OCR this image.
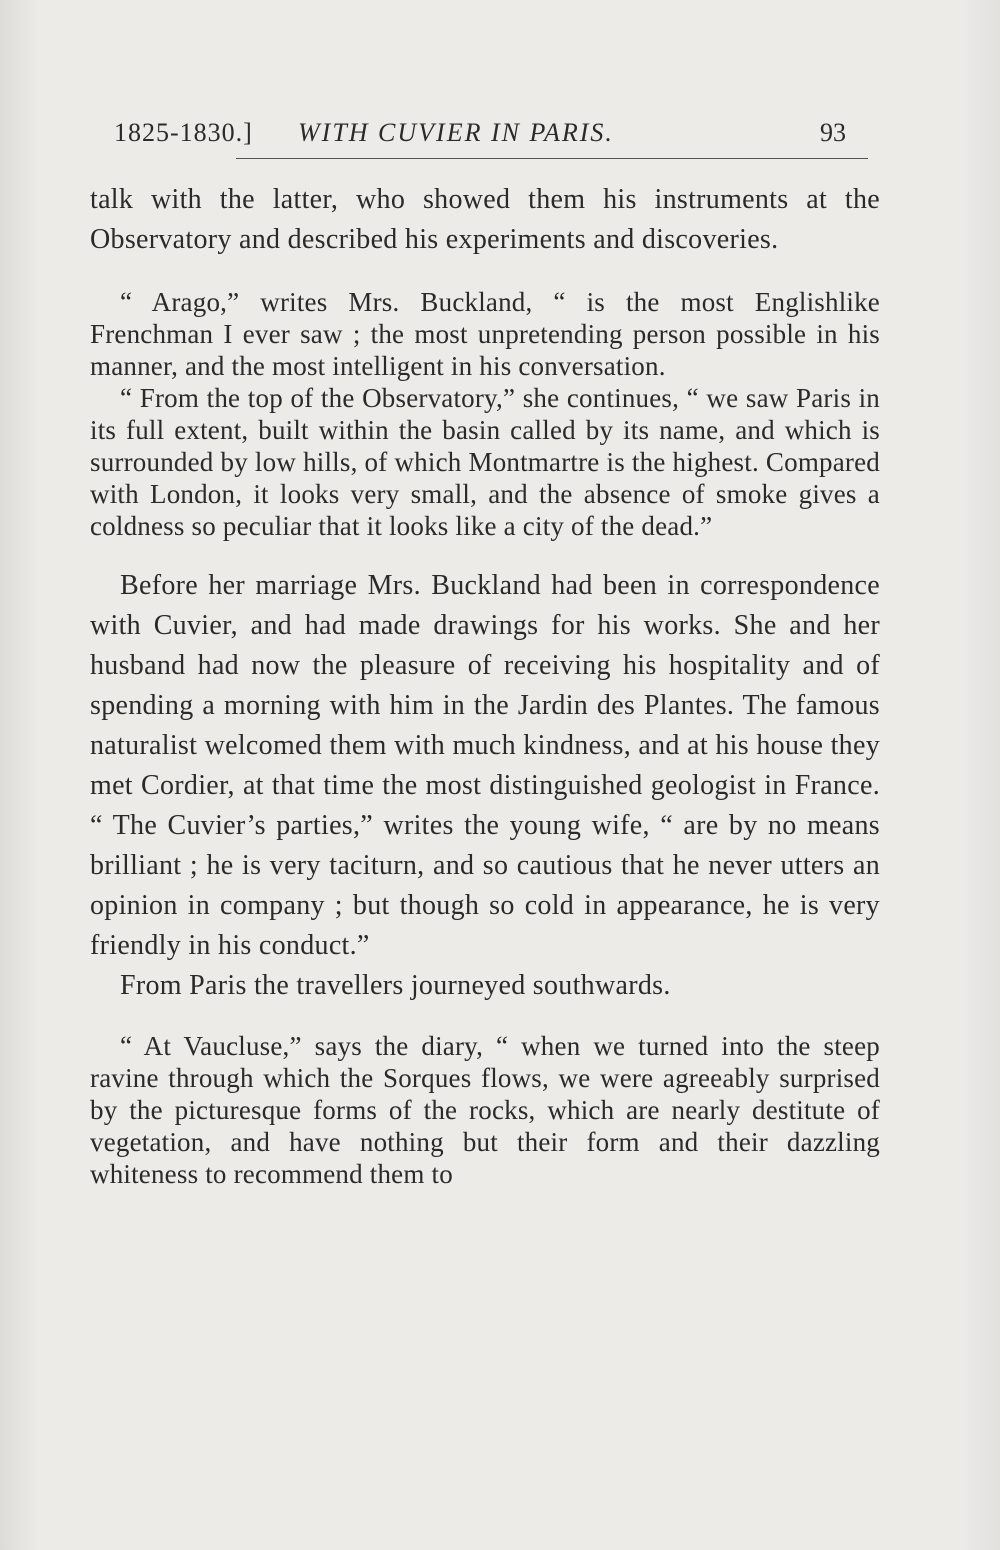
1825-1830.] WITH CUVIER IN PARIS.	93

talk with the latter, who showed them his instruments at the Observatory and described his experiments and discoveries.

“ Arago,” writes Mrs. Buckland, “ is the most Englishlike Frenchman I ever saw ; the most unpretending person possible in his manner, and the most intelligent in his conversation.

“ From the top of the Observatory,” she continues, “ we saw Paris in its full extent, built within the basin called by its name, and which is surrounded by low hills, of which Montmartre is the highest. Compared with London, it looks very small, and the absence of smoke gives a coldness so peculiar that it looks like a city of the dead.”

Before her marriage Mrs. Buckland had been in correspondence with Cuvier, and had made drawings for his works. She and her husband had now the pleasure of receiving his hospitality and of spending a morning with him in the Jardin des Plantes. The famous naturalist welcomed them with much kindness, and at his house they met Cordier, at that time the most distinguished geologist in France. “ The Cuvier’s parties,” writes the young wife, “ are by no means brilliant ; he is very taciturn, and so cautious that he never utters an opinion in company ; but though so cold in appearance, he is very friendly in his conduct.”

From Paris the travellers journeyed southwards.

“ At Vaucluse,” says the diary, “ when we turned into the steep ravine through which the Sorques flows, we were agreeably surprised by the picturesque forms of the rocks, which are nearly destitute of vegetation, and have nothing but their form and their dazzling whiteness to recommend them to
